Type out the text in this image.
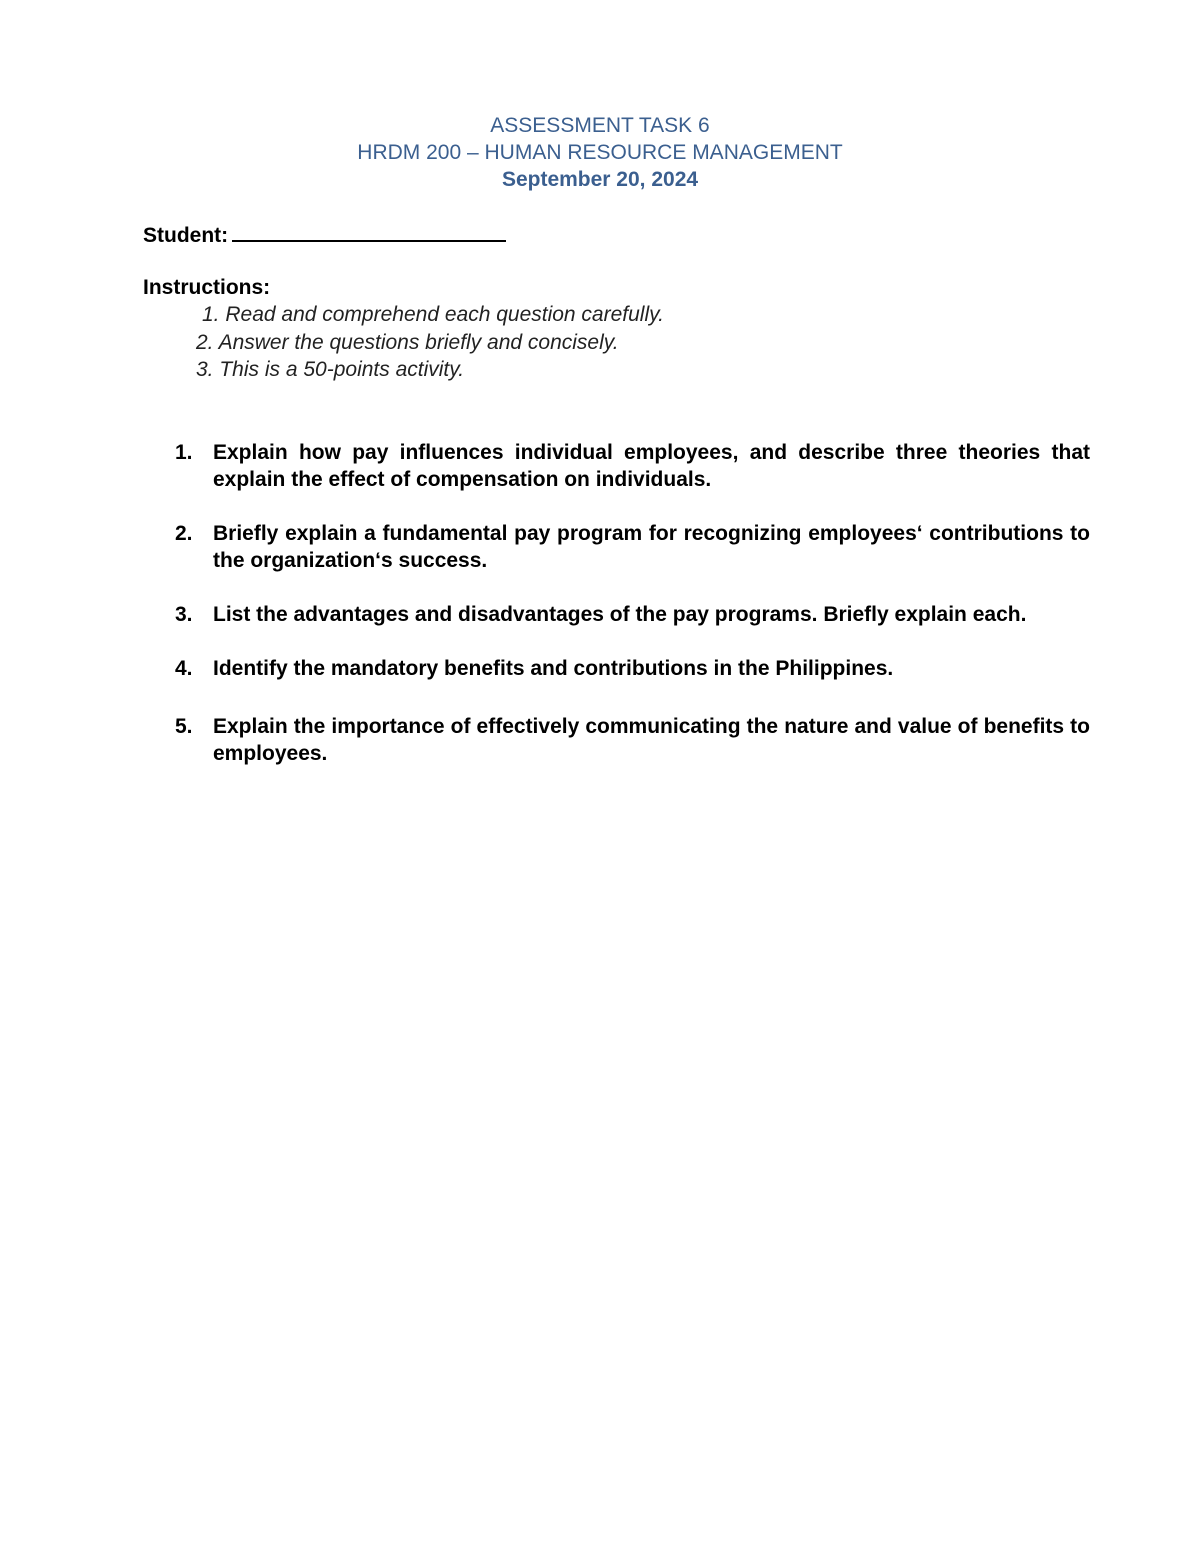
ASSESSMENT TASK 6
HRDM 200 – HUMAN RESOURCE MANAGEMENT
September 20, 2024
Student:
Instructions:
1. Read and comprehend each question carefully.
2. Answer the questions briefly and concisely.
3. This is a 50-points activity.
1. Explain how pay influences individual employees, and describe three theories that explain the effect of compensation on individuals.
2. Briefly explain a fundamental pay program for recognizing employees‘ contributions to the organization‘s success.
3. List the advantages and disadvantages of the pay programs. Briefly explain each.
4. Identify the mandatory benefits and contributions in the Philippines.
5. Explain the importance of effectively communicating the nature and value of benefits to employees.
